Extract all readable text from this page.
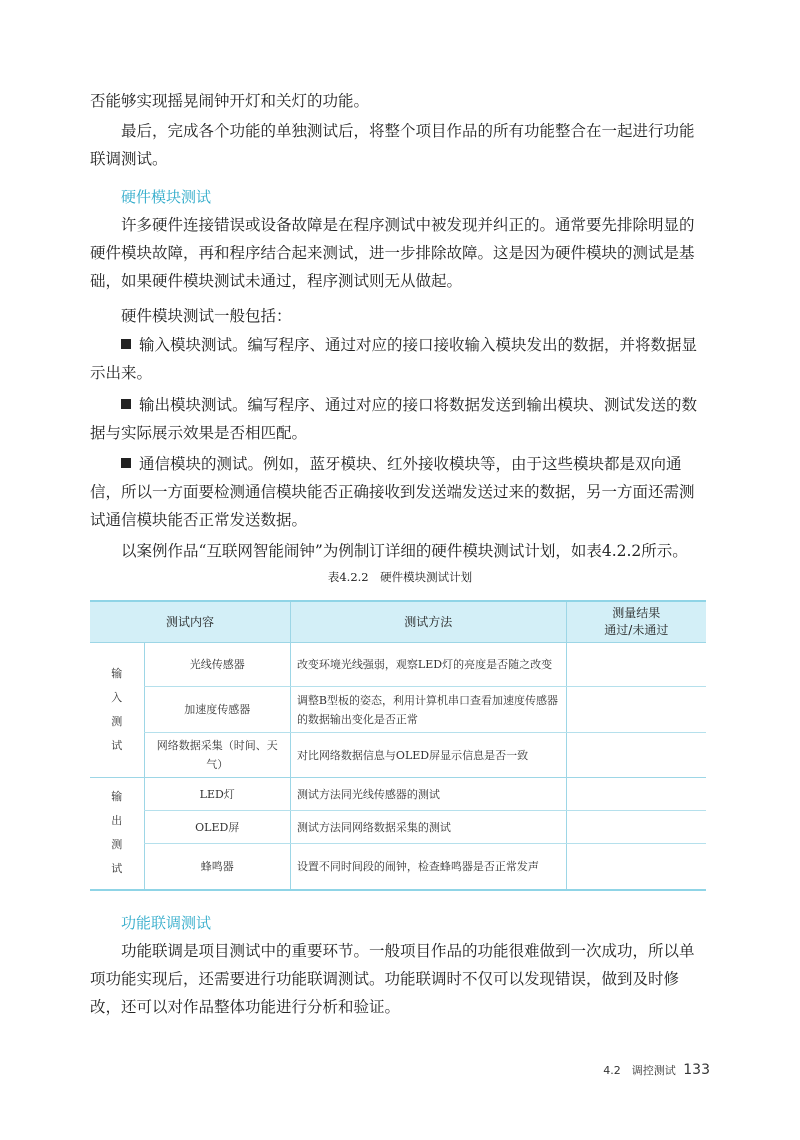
否能够实现摇晃闹钟开灯和关灯的功能。

最后，完成各个功能的单独测试后，将整个项目作品的所有功能整合在一起进行功能联调测试。

硬件模块测试

许多硬件连接错误或设备故障是在程序测试中被发现并纠正的。通常要先排除明显的硬件模块故障，再和程序结合起来测试，进一步排除故障。这是因为硬件模块的测试是基础，如果硬件模块测试未通过，程序测试则无从做起。

硬件模块测试一般包括：

输入模块测试。编写程序、通过对应的接口接收输入模块发出的数据，并将数据显示出来。

输出模块测试。编写程序、通过对应的接口将数据发送到输出模块、测试发送的数据与实际展示效果是否相匹配。

通信模块的测试。例如，蓝牙模块、红外接收模块等，由于这些模块都是双向通信，所以一方面要检测通信模块能否正确接收到发送端发送过来的数据，另一方面还需测试通信模块能否正常发送数据。

以案例作品“互联网智能闹钟”为例制订详细的硬件模块测试计划，如表4.2.2所示。

表4.2.2　硬件模块测试计划
测试内容		测试方法	测量结果
通过/未通过

输
入
测
试	光线传感器	改变环境光线强弱，观察LED灯的亮度是否随之改变	
	加速度传感器	调整B型板的姿态，利用计算机串口查看加速度传感器的数据输出变化是否正常	
	网络数据采集（时间、天气）	对比网络数据信息与OLED屏显示信息是否一致	

输
出
测
试	LED灯	测试方法同光线传感器的测试	
	OLED屏	测试方法同网络数据采集的测试	
	蜂鸣器	设置不同时间段的闹钟，检查蜂鸣器是否正常发声	

功能联调测试

功能联调是项目测试中的重要环节。一般项目作品的功能很难做到一次成功，所以单项功能实现后，还需要进行功能联调测试。功能联调时不仅可以发现错误，做到及时修改，还可以对作品整体功能进行分析和验证。

4.2　调控测试 133
